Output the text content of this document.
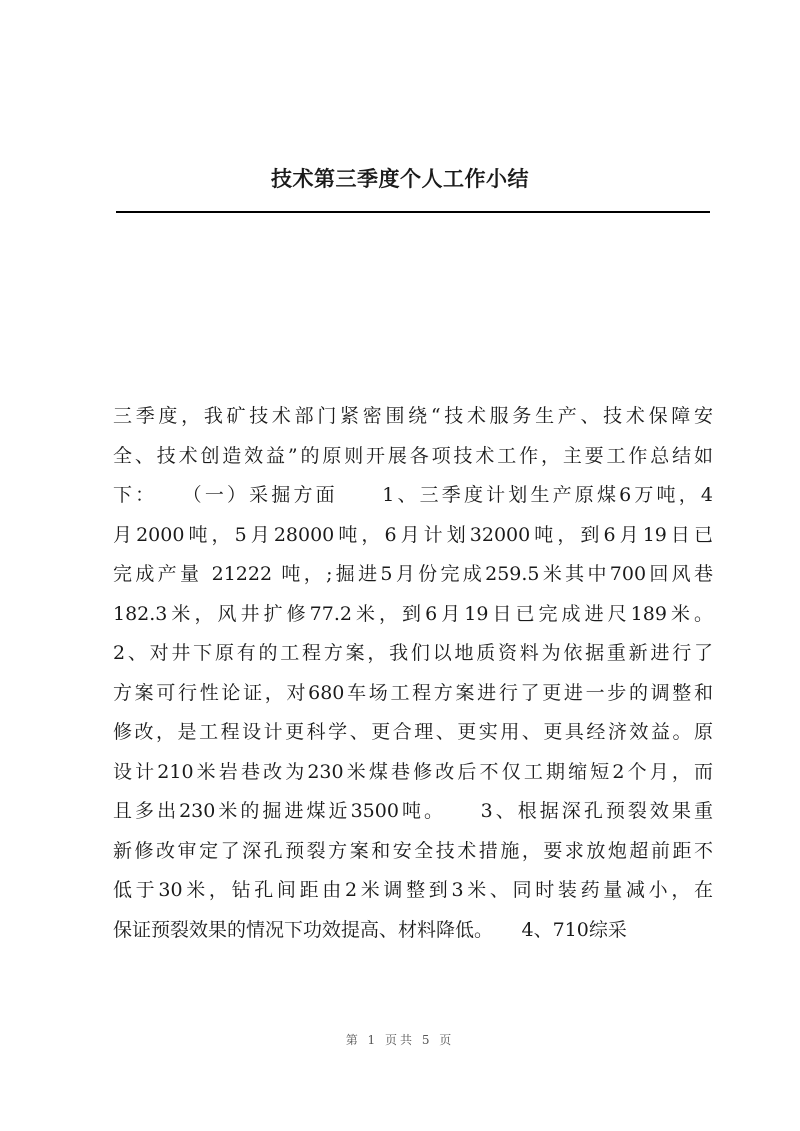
技术第三季度个人工作小结
三季度，我矿技术部门紧密围绕“技术服务生产、技术保障安
全、技术创造效益”的原则开展各项技术工作，主要工作总结如
下：　　（一）采掘方面　　1、三季度计划生产原煤6万吨，4
月2000吨，5月28000吨，6月计划32000吨，到6月19日已
完成产量 21222 吨，;掘进5月份完成259.5米其中700回风巷
182.3米，风井扩修77.2米，到6月19日已完成进尺189米。
2、对井下原有的工程方案，我们以地质资料为依据重新进行了
方案可行性论证，对680车场工程方案进行了更进一步的调整和
修改，是工程设计更科学、更合理、更实用、更具经济效益。原
设计210米岩巷改为230米煤巷修改后不仅工期缩短2个月，而
且多出230米的掘进煤近3500吨。　　3、根据深孔预裂效果重
新修改审定了深孔预裂方案和安全技术措施，要求放炮超前距不
低于30米，钻孔间距由2米调整到3米、同时装药量减小，在
保证预裂效果的情况下功效提高、材料降低。　　4、710综采
第 1 页共 5 页
